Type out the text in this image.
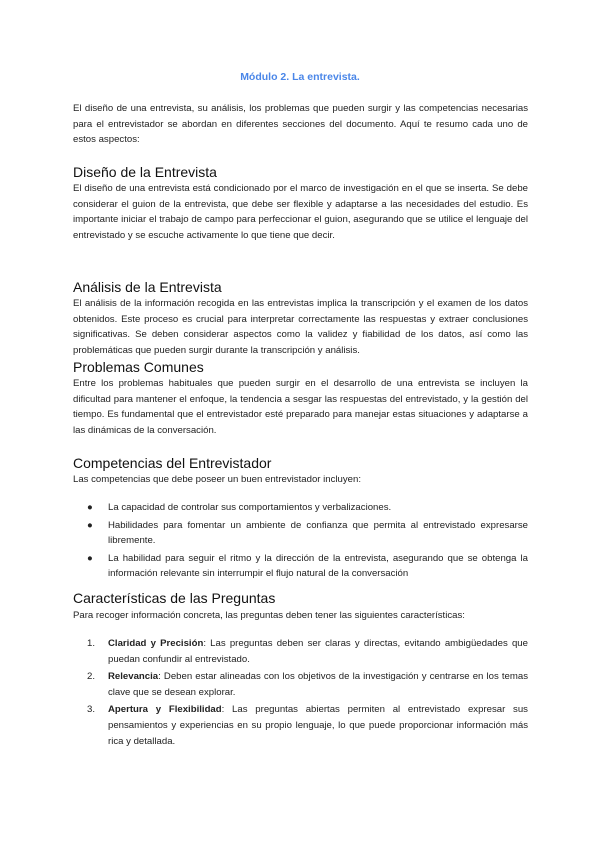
Módulo 2. La entrevista.

El diseño de una entrevista, su análisis, los problemas que pueden surgir y las competencias necesarias para el entrevistador se abordan en diferentes secciones del documento. Aquí te resumo cada uno de estos aspectos:

Diseño de la Entrevista

El diseño de una entrevista está condicionado por el marco de investigación en el que se inserta. Se debe considerar el guion de la entrevista, que debe ser flexible y adaptarse a las necesidades del estudio. Es importante iniciar el trabajo de campo para perfeccionar el guion, asegurando que se utilice el lenguaje del entrevistado y se escuche activamente lo que tiene que decir.

Análisis de la Entrevista

El análisis de la información recogida en las entrevistas implica la transcripción y el examen de los datos obtenidos. Este proceso es crucial para interpretar correctamente las respuestas y extraer conclusiones significativas. Se deben considerar aspectos como la validez y fiabilidad de los datos, así como las problemáticas que pueden surgir durante la transcripción y análisis.

Problemas Comunes

Entre los problemas habituales que pueden surgir en el desarrollo de una entrevista se incluyen la dificultad para mantener el enfoque, la tendencia a sesgar las respuestas del entrevistado, y la gestión del tiempo. Es fundamental que el entrevistador esté preparado para manejar estas situaciones y adaptarse a las dinámicas de la conversación.

Competencias del Entrevistador

Las competencias que debe poseer un buen entrevistador incluyen:

● La capacidad de controlar sus comportamientos y verbalizaciones.
● Habilidades para fomentar un ambiente de confianza que permita al entrevistado expresarse libremente.
● La habilidad para seguir el ritmo y la dirección de la entrevista, asegurando que se obtenga la información relevante sin interrumpir el flujo natural de la conversación
Características de las Preguntas

Para recoger información concreta, las preguntas deben tener las siguientes características:

1. Claridad y Precisión: Las preguntas deben ser claras y directas, evitando ambigüedades que puedan confundir al entrevistado.
2. Relevancia: Deben estar alineadas con los objetivos de la investigación y centrarse en los temas clave que se desean explorar.
3. Apertura y Flexibilidad: Las preguntas abiertas permiten al entrevistado expresar sus pensamientos y experiencias en su propio lenguaje, lo que puede proporcionar información más rica y detallada.
